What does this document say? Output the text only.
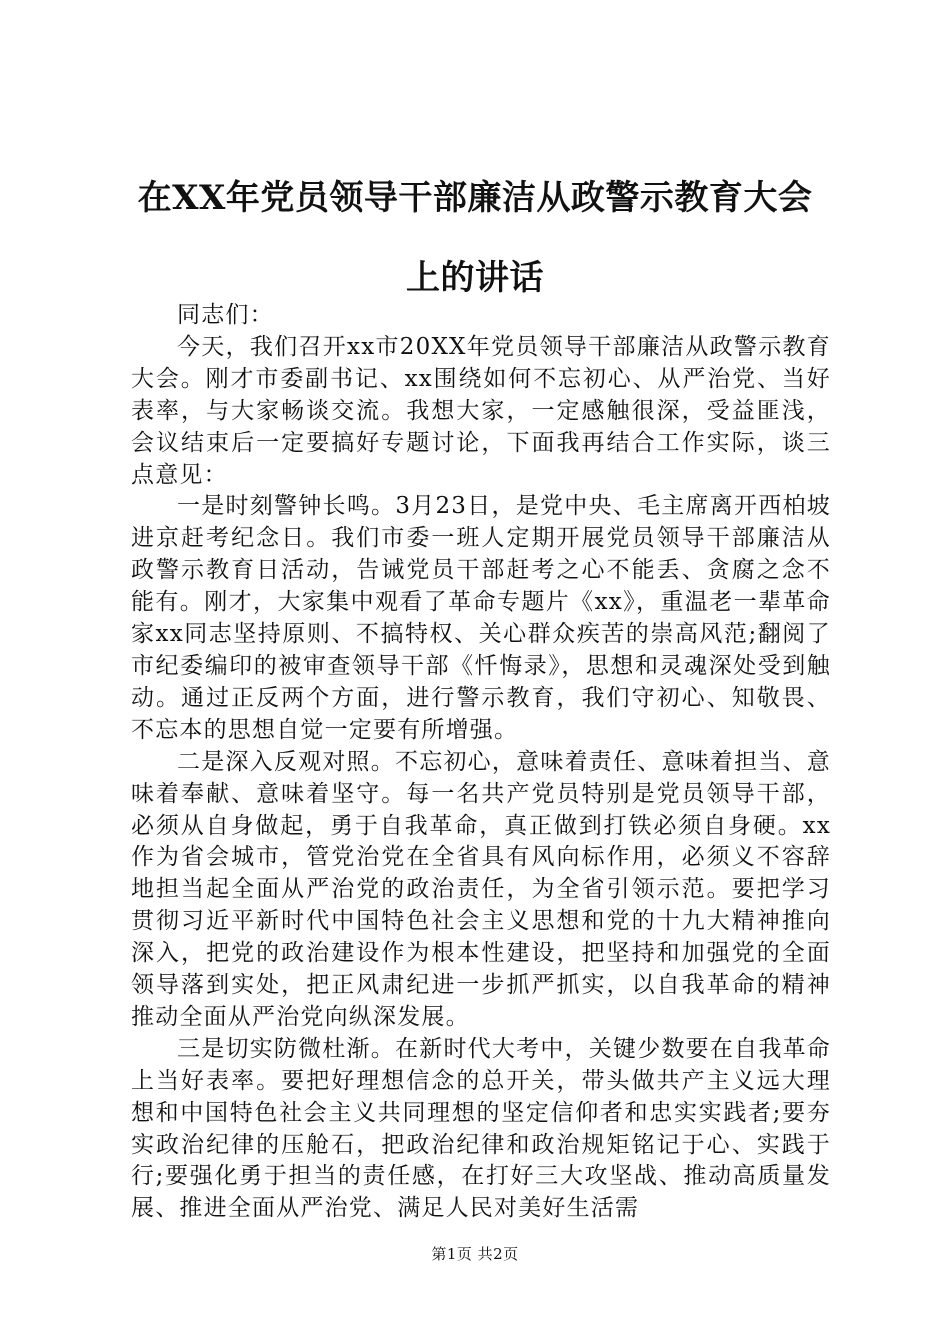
在XX年党员领导干部廉洁从政警示教育大会
上的讲话

同志们：

今天，我们召开xx市20XX年党员领导干部廉洁从政警示教育大会。刚才市委副书记、xx围绕如何不忘初心、从严治党、当好表率，与大家畅谈交流。我想大家，一定感触很深，受益匪浅，会议结束后一定要搞好专题讨论，下面我再结合工作实际，谈三点意见：

一是时刻警钟长鸣。3月23日，是党中央、毛主席离开西柏坡进京赶考纪念日。我们市委一班人定期开展党员领导干部廉洁从政警示教育日活动，告诫党员干部赶考之心不能丢、贪腐之念不能有。刚才，大家集中观看了革命专题片《xx》，重温老一辈革命家xx同志坚持原则、不搞特权、关心群众疾苦的崇高风范;翻阅了市纪委编印的被审查领导干部《忏悔录》，思想和灵魂深处受到触动。通过正反两个方面，进行警示教育，我们守初心、知敬畏、不忘本的思想自觉一定要有所增强。

二是深入反观对照。不忘初心，意味着责任、意味着担当、意味着奉献、意味着坚守。每一名共产党员特别是党员领导干部，必须从自身做起，勇于自我革命，真正做到打铁必须自身硬。xx作为省会城市，管党治党在全省具有风向标作用，必须义不容辞地担当起全面从严治党的政治责任，为全省引领示范。要把学习贯彻习近平新时代中国特色社会主义思想和党的十九大精神推向深入，把党的政治建设作为根本性建设，把坚持和加强党的全面领导落到实处，把正风肃纪进一步抓严抓实，以自我革命的精神推动全面从严治党向纵深发展。

三是切实防微杜渐。在新时代大考中，关键少数要在自我革命上当好表率。要把好理想信念的总开关，带头做共产主义远大理想和中国特色社会主义共同理想的坚定信仰者和忠实实践者;要夯实政治纪律的压舱石，把政治纪律和政治规矩铭记于心、实践于行;要强化勇于担当的责任感，在打好三大攻坚战、推动高质量发展、推进全面从严治党、满足人民对美好生活需

第1页 共2页
